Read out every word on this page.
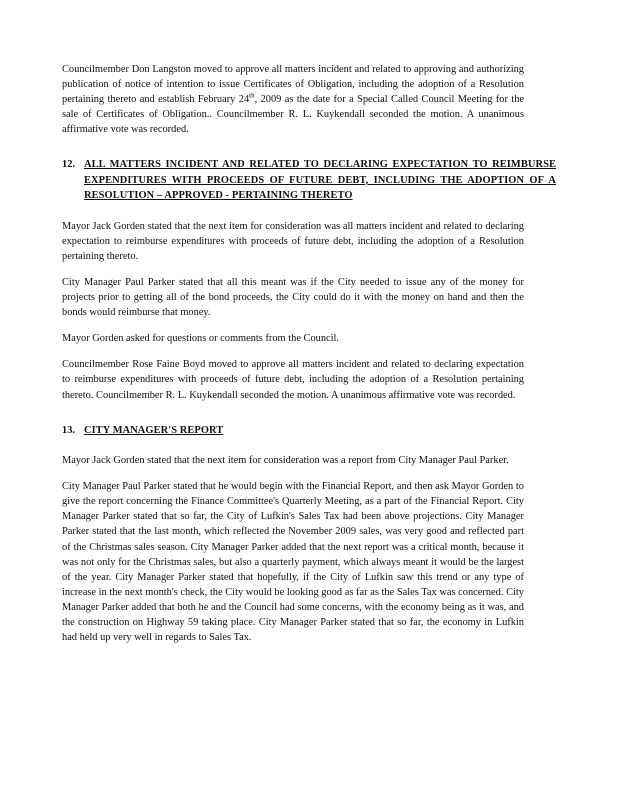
Councilmember Don Langston moved to approve all matters incident and related to approving and authorizing publication of notice of intention to issue Certificates of Obligation, including the adoption of a Resolution pertaining thereto and establish February 24th, 2009 as the date for a Special Called Council Meeting for the sale of Certificates of Obligation.. Councilmember R. L. Kuykendall seconded the motion. A unanimous affirmative vote was recorded.

12. ALL MATTERS INCIDENT AND RELATED TO DECLARING EXPECTATION TO REIMBURSE EXPENDITURES WITH PROCEEDS OF FUTURE DEBT, INCLUDING THE ADOPTION OF A RESOLUTION – APPROVED - PERTAINING THERETO

Mayor Jack Gorden stated that the next item for consideration was all matters incident and related to declaring expectation to reimburse expenditures with proceeds of future debt, including the adoption of a Resolution pertaining thereto.

City Manager Paul Parker stated that all this meant was if the City needed to issue any of the money for projects prior to getting all of the bond proceeds, the City could do it with the money on hand and then the bonds would reimburse that money.

Mayor Gorden asked for questions or comments from the Council.

Councilmember Rose Faine Boyd moved to approve all matters incident and related to declaring expectation to reimburse expenditures with proceeds of future debt, including the adoption of a Resolution pertaining thereto. Councilmember R. L. Kuykendall seconded the motion. A unanimous affirmative vote was recorded.

13. CITY MANAGER'S REPORT

Mayor Jack Gorden stated that the next item for consideration was a report from City Manager Paul Parker.

City Manager Paul Parker stated that he would begin with the Financial Report, and then ask Mayor Gorden to give the report concerning the Finance Committee's Quarterly Meeting, as a part of the Financial Report. City Manager Parker stated that so far, the City of Lufkin's Sales Tax had been above projections. City Manager Parker stated that the last month, which reflected the November 2009 sales, was very good and reflected part of the Christmas sales season. City Manager Parker added that the next report was a critical month, because it was not only for the Christmas sales, but also a quarterly payment, which always meant it would be the largest of the year. City Manager Parker stated that hopefully, if the City of Lufkin saw this trend or any type of increase in the next month's check, the City would be looking good as far as the Sales Tax was concerned. City Manager Parker added that both he and the Council had some concerns, with the economy being as it was, and the construction on Highway 59 taking place. City Manager Parker stated that so far, the economy in Lufkin had held up very well in regards to Sales Tax.
